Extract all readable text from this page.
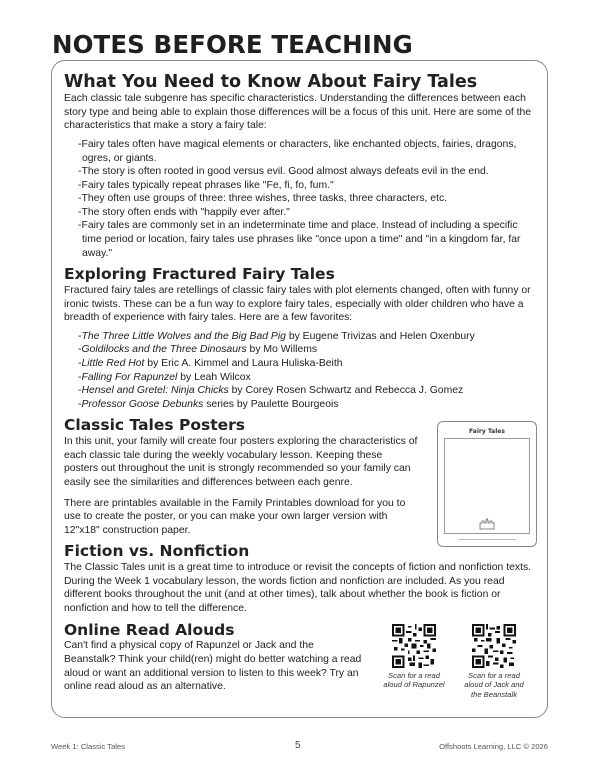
NOTES BEFORE TEACHING
What You Need to Know About Fairy Tales

Each classic tale subgenre has specific characteristics. Understanding the differences between each story type and being able to explain those differences will be a focus of this unit. Here are some of the characteristics that make a story a fairy tale:

-Fairy tales often have magical elements or characters, like enchanted objects, fairies, dragons, ogres, or giants.
-The story is often rooted in good versus evil. Good almost always defeats evil in the end.
-Fairy tales typically repeat phrases like "Fe, fi, fo, fum."
-They often use groups of three: three wishes, three tasks, three characters, etc.
-The story often ends with "happily ever after."
-Fairy tales are commonly set in an indeterminate time and place. Instead of including a specific time period or location, fairy tales use phrases like "once upon a time" and "in a kingdom far, far away."
Exploring Fractured Fairy Tales

Fractured fairy tales are retellings of classic fairy tales with plot elements changed, often with funny or ironic twists. These can be a fun way to explore fairy tales, especially with older children who have a breadth of experience with fairy tales. Here are a few favorites:

-The Three Little Wolves and the Big Bad Pig by Eugene Trivizas and Helen Oxenbury
-Goldilocks and the Three Dinosaurs by Mo Willems
-Little Red Hot by Eric A. Kimmel and Laura Huliska-Beith
-Falling For Rapunzel by Leah Wilcox
-Hensel and Gretel: Ninja Chicks by Corey Rosen Schwartz and Rebecca J. Gomez
-Professor Goose Debunks series by Paulette Bourgeois
Classic Tales Posters

In this unit, your family will create four posters exploring the characteristics of each classic tale during the weekly vocabulary lesson. Keeping these posters out throughout the unit is strongly recommended so your family can easily see the similarities and differences between each genre.

There are printables available in the Family Printables download for you to use to create the poster, or you can make your own larger version with 12"x18" construction paper.

Fairy Tales
Fiction vs. Nonfiction

The Classic Tales unit is a great time to introduce or revisit the concepts of fiction and nonfiction texts. During the Week 1 vocabulary lesson, the words fiction and nonfiction are included. As you read different books throughout the unit (and at other times), talk about whether the book is fiction or nonfiction and how to tell the difference.

Online Read Alouds

Can't find a physical copy of Rapunzel or Jack and the Beanstalk? Think your child(ren) might do better watching a read aloud or want an additional version to listen to this week? Try an online read aloud as an alternative.

Scan for a read aloud of Rapunzel
Scan for a read aloud of Jack and the Beanstalk
Week 1: Classic Tales	5	Offshoots Learning, LLC © 2026
